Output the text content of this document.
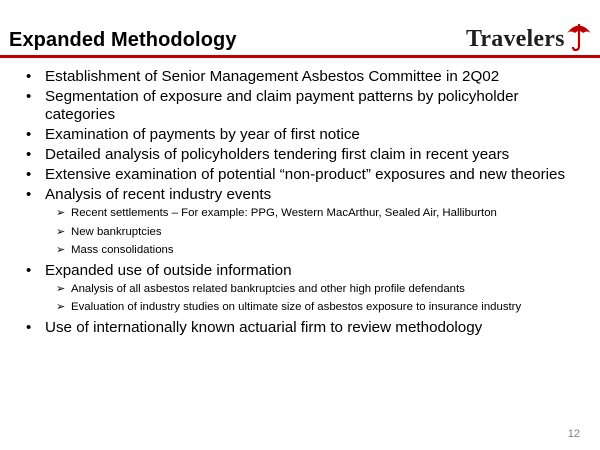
Expanded Methodology	Travelers
• Establishment of Senior Management Asbestos Committee in 2Q02
• Segmentation of exposure and claim payment patterns by policyholder categories
• Examination of payments by year of first notice
• Detailed analysis of policyholders tendering first claim in recent years
• Extensive examination of potential “non-product” exposures and new theories
• Analysis of recent industry events
➢ Recent settlements – For example: PPG, Western MacArthur, Sealed Air, Halliburton
➢ New bankruptcies
➢ Mass consolidations
• Expanded use of outside information
➢ Analysis of all asbestos related bankruptcies and other high profile defendants
➢ Evaluation of industry studies on ultimate size of asbestos exposure to insurance industry
• Use of internationally known actuarial firm to review methodology
12
